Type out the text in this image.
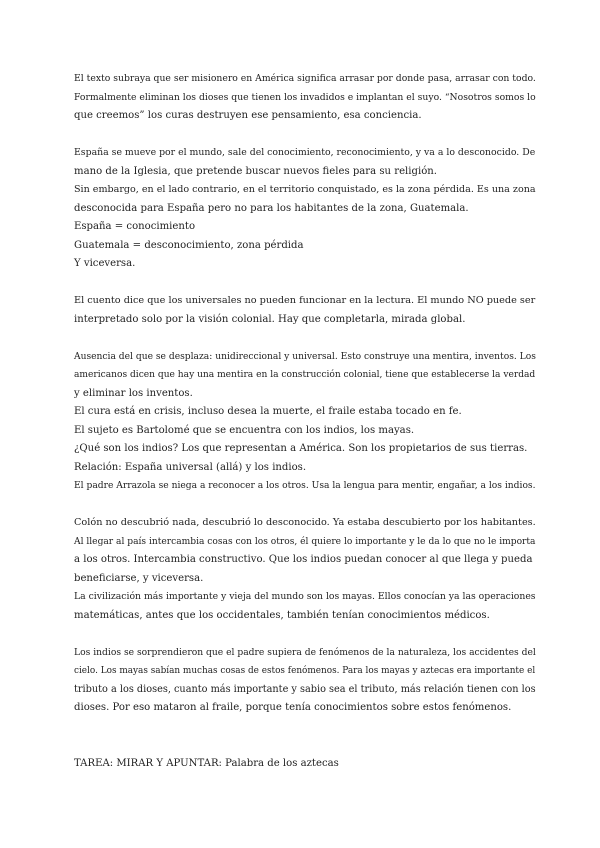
El texto subraya que ser misionero en América significa arrasar por donde pasa, arrasar con todo.
Formalmente eliminan los dioses que tienen los invadidos e implantan el suyo. “Nosotros somos lo
que creemos” los curas destruyen ese pensamiento, esa conciencia.
España se mueve por el mundo, sale del conocimiento, reconocimiento, y va a lo desconocido. De
mano de la Iglesia, que pretende buscar nuevos fieles para su religión.
Sin embargo, en el lado contrario, en el territorio conquistado, es la zona pérdida. Es una zona
desconocida para España pero no para los habitantes de la zona, Guatemala.
España = conocimiento
Guatemala = desconocimiento, zona pérdida
Y viceversa.
El cuento dice que los universales no pueden funcionar en la lectura. El mundo NO puede ser
interpretado solo por la visión colonial. Hay que completarla, mirada global.
Ausencia del que se desplaza: unidireccional y universal. Esto construye una mentira, inventos. Los
americanos dicen que hay una mentira en la construcción colonial, tiene que establecerse la verdad
y eliminar los inventos.
El cura está en crisis, incluso desea la muerte, el fraile estaba tocado en fe.
El sujeto es Bartolomé que se encuentra con los indios, los mayas.
¿Qué son los indios? Los que representan a América. Son los propietarios de sus tierras.
Relación: España universal (allá) y los indios.
El padre Arrazola se niega a reconocer a los otros. Usa la lengua para mentir, engañar, a los indios.
Colón no descubrió nada, descubrió lo desconocido. Ya estaba descubierto por los habitantes.
Al llegar al país intercambia cosas con los otros, él quiere lo importante y le da lo que no le importa
a los otros. Intercambia constructivo. Que los indios puedan conocer al que llega y pueda
beneficiarse, y viceversa.
La civilización más importante y vieja del mundo son los mayas. Ellos conocían ya las operaciones
matemáticas, antes que los occidentales, también tenían conocimientos médicos.
Los indios se sorprendieron que el padre supiera de fenómenos de la naturaleza, los accidentes del
cielo. Los mayas sabían muchas cosas de estos fenómenos. Para los mayas y aztecas era importante el
tributo a los dioses, cuanto más importante y sabio sea el tributo, más relación tienen con los
dioses. Por eso mataron al fraile, porque tenía conocimientos sobre estos fenómenos.
TAREA: MIRAR Y APUNTAR: Palabra de los aztecas
